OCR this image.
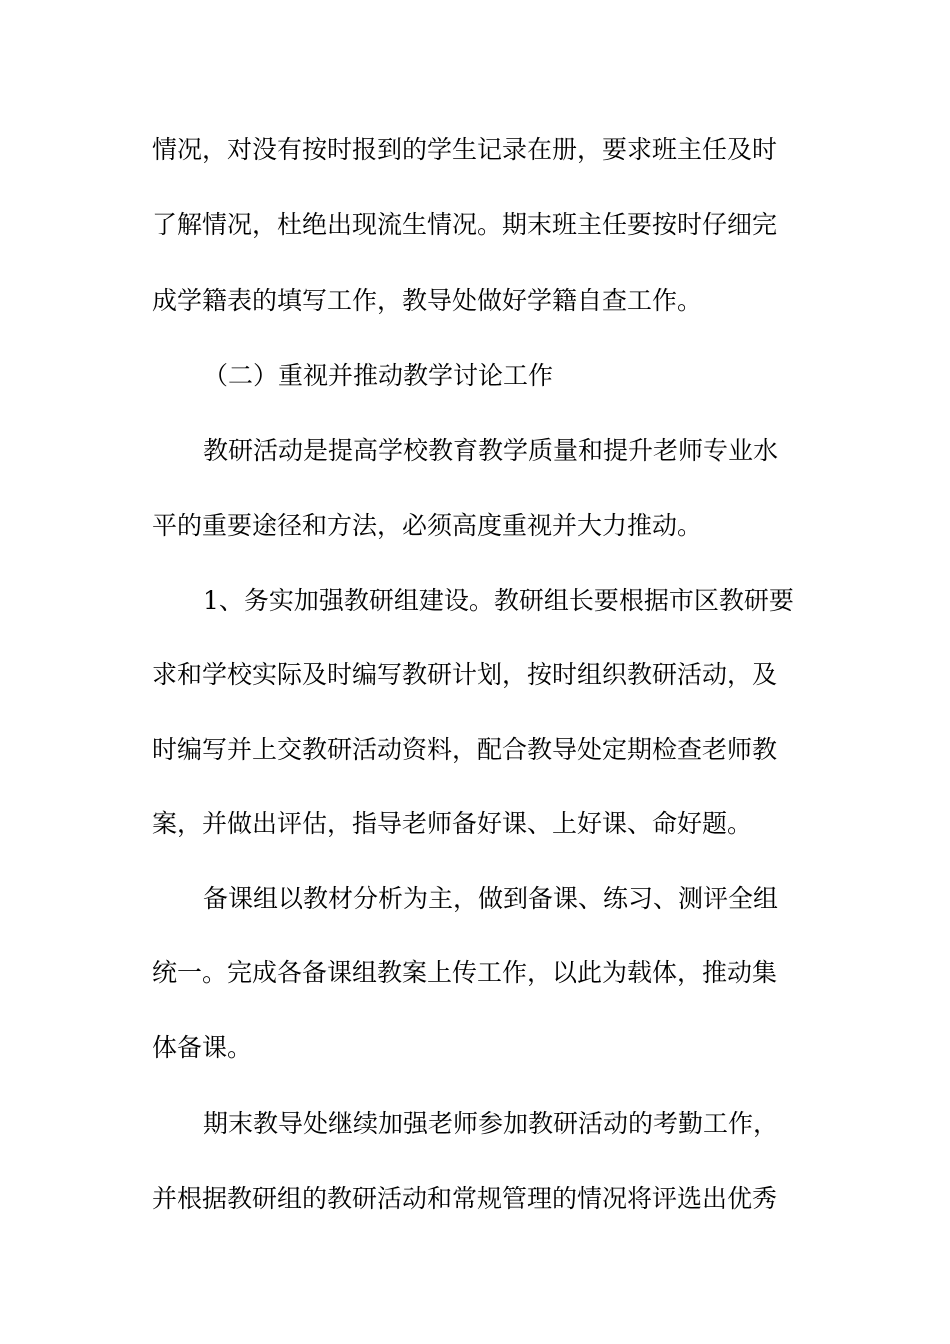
情况，对没有按时报到的学生记录在册，要求班主任及时
了解情况，杜绝出现流生情况。期末班主任要按时仔细完
成学籍表的填写工作，教导处做好学籍自查工作。
（二）重视并推动教学讨论工作
教研活动是提高学校教育教学质量和提升老师专业水
平的重要途径和方法，必须高度重视并大力推动。
1、务实加强教研组建设。教研组长要根据市区教研要
求和学校实际及时编写教研计划，按时组织教研活动，及
时编写并上交教研活动资料，配合教导处定期检查老师教
案，并做出评估，指导老师备好课、上好课、命好题。
备课组以教材分析为主，做到备课、练习、测评全组
统一。完成各备课组教案上传工作，以此为载体，推动集
体备课。
期末教导处继续加强老师参加教研活动的考勤工作，
并根据教研组的教研活动和常规管理的情况将评选出优秀
